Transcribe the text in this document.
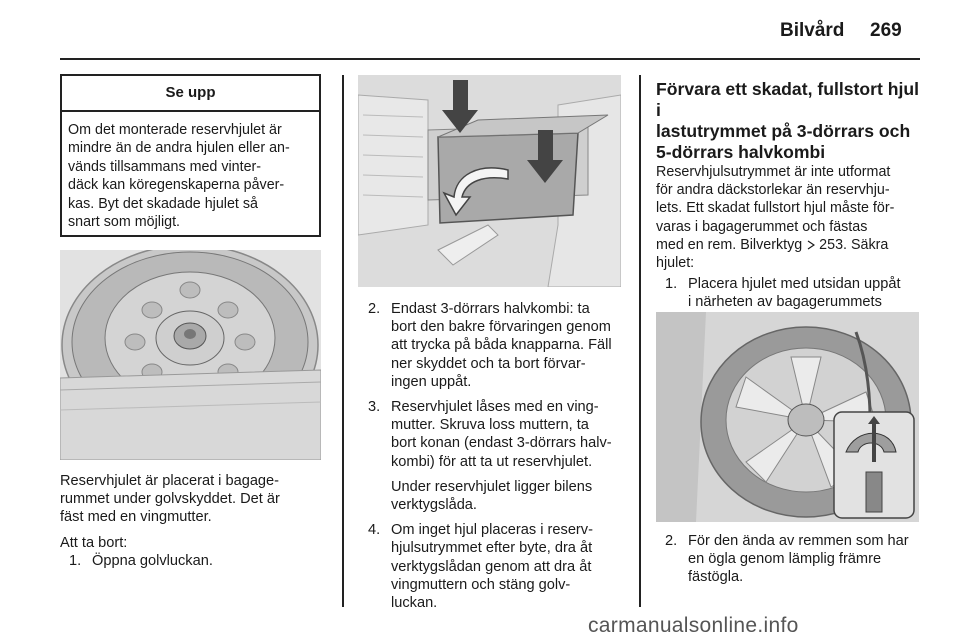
Bilvård 269
Se upp
Om det monterade reservhjulet är
mindre än de andra hjulen eller an-
vänds tillsammans med vinter-
däck kan köregenskaperna påver-
kas. Byt det skadade hjulet så
snart som möjligt.
Reservhjulet är placerat i bagage-
rummet under golvskyddet. Det är
fäst med en vingmutter.
Att ta bort:
1. Öppna golvluckan.
2. Endast 3-dörrars halvkombi: ta
bort den bakre förvaringen genom
att trycka på båda knapparna. Fäll
ner skyddet och ta bort förvar-
ingen uppåt.
3. Reservhjulet låses med en ving-
mutter. Skruva loss muttern, ta
bort konan (endast 3-dörrars halv-
kombi) för att ta ut reservhjulet.
Under reservhjulet ligger bilens
verktygslåda.
4. Om inget hjul placeras i reserv-
hjulsutrymmet efter byte, dra åt
verktygslådan genom att dra åt
vingmuttern och stäng golv-
luckan.
Förvara ett skadat, fullstort hjul i
lastutrymmet på 3-dörrars och
5-dörrars halvkombi
Reservhjulsutrymmet är inte utformat
för andra däckstorlekar än reservhju-
lets. Ett skadat fullstort hjul måste för-
varas i bagagerummet och fästas
med en rem. Bilverktyg 253. Säkra
hjulet:
1. Placera hjulet med utsidan uppåt
i närheten av bagagerummets
2. För den ända av remmen som har
en ögla genom lämplig främre
fästögla.
carmanualsonline.info
